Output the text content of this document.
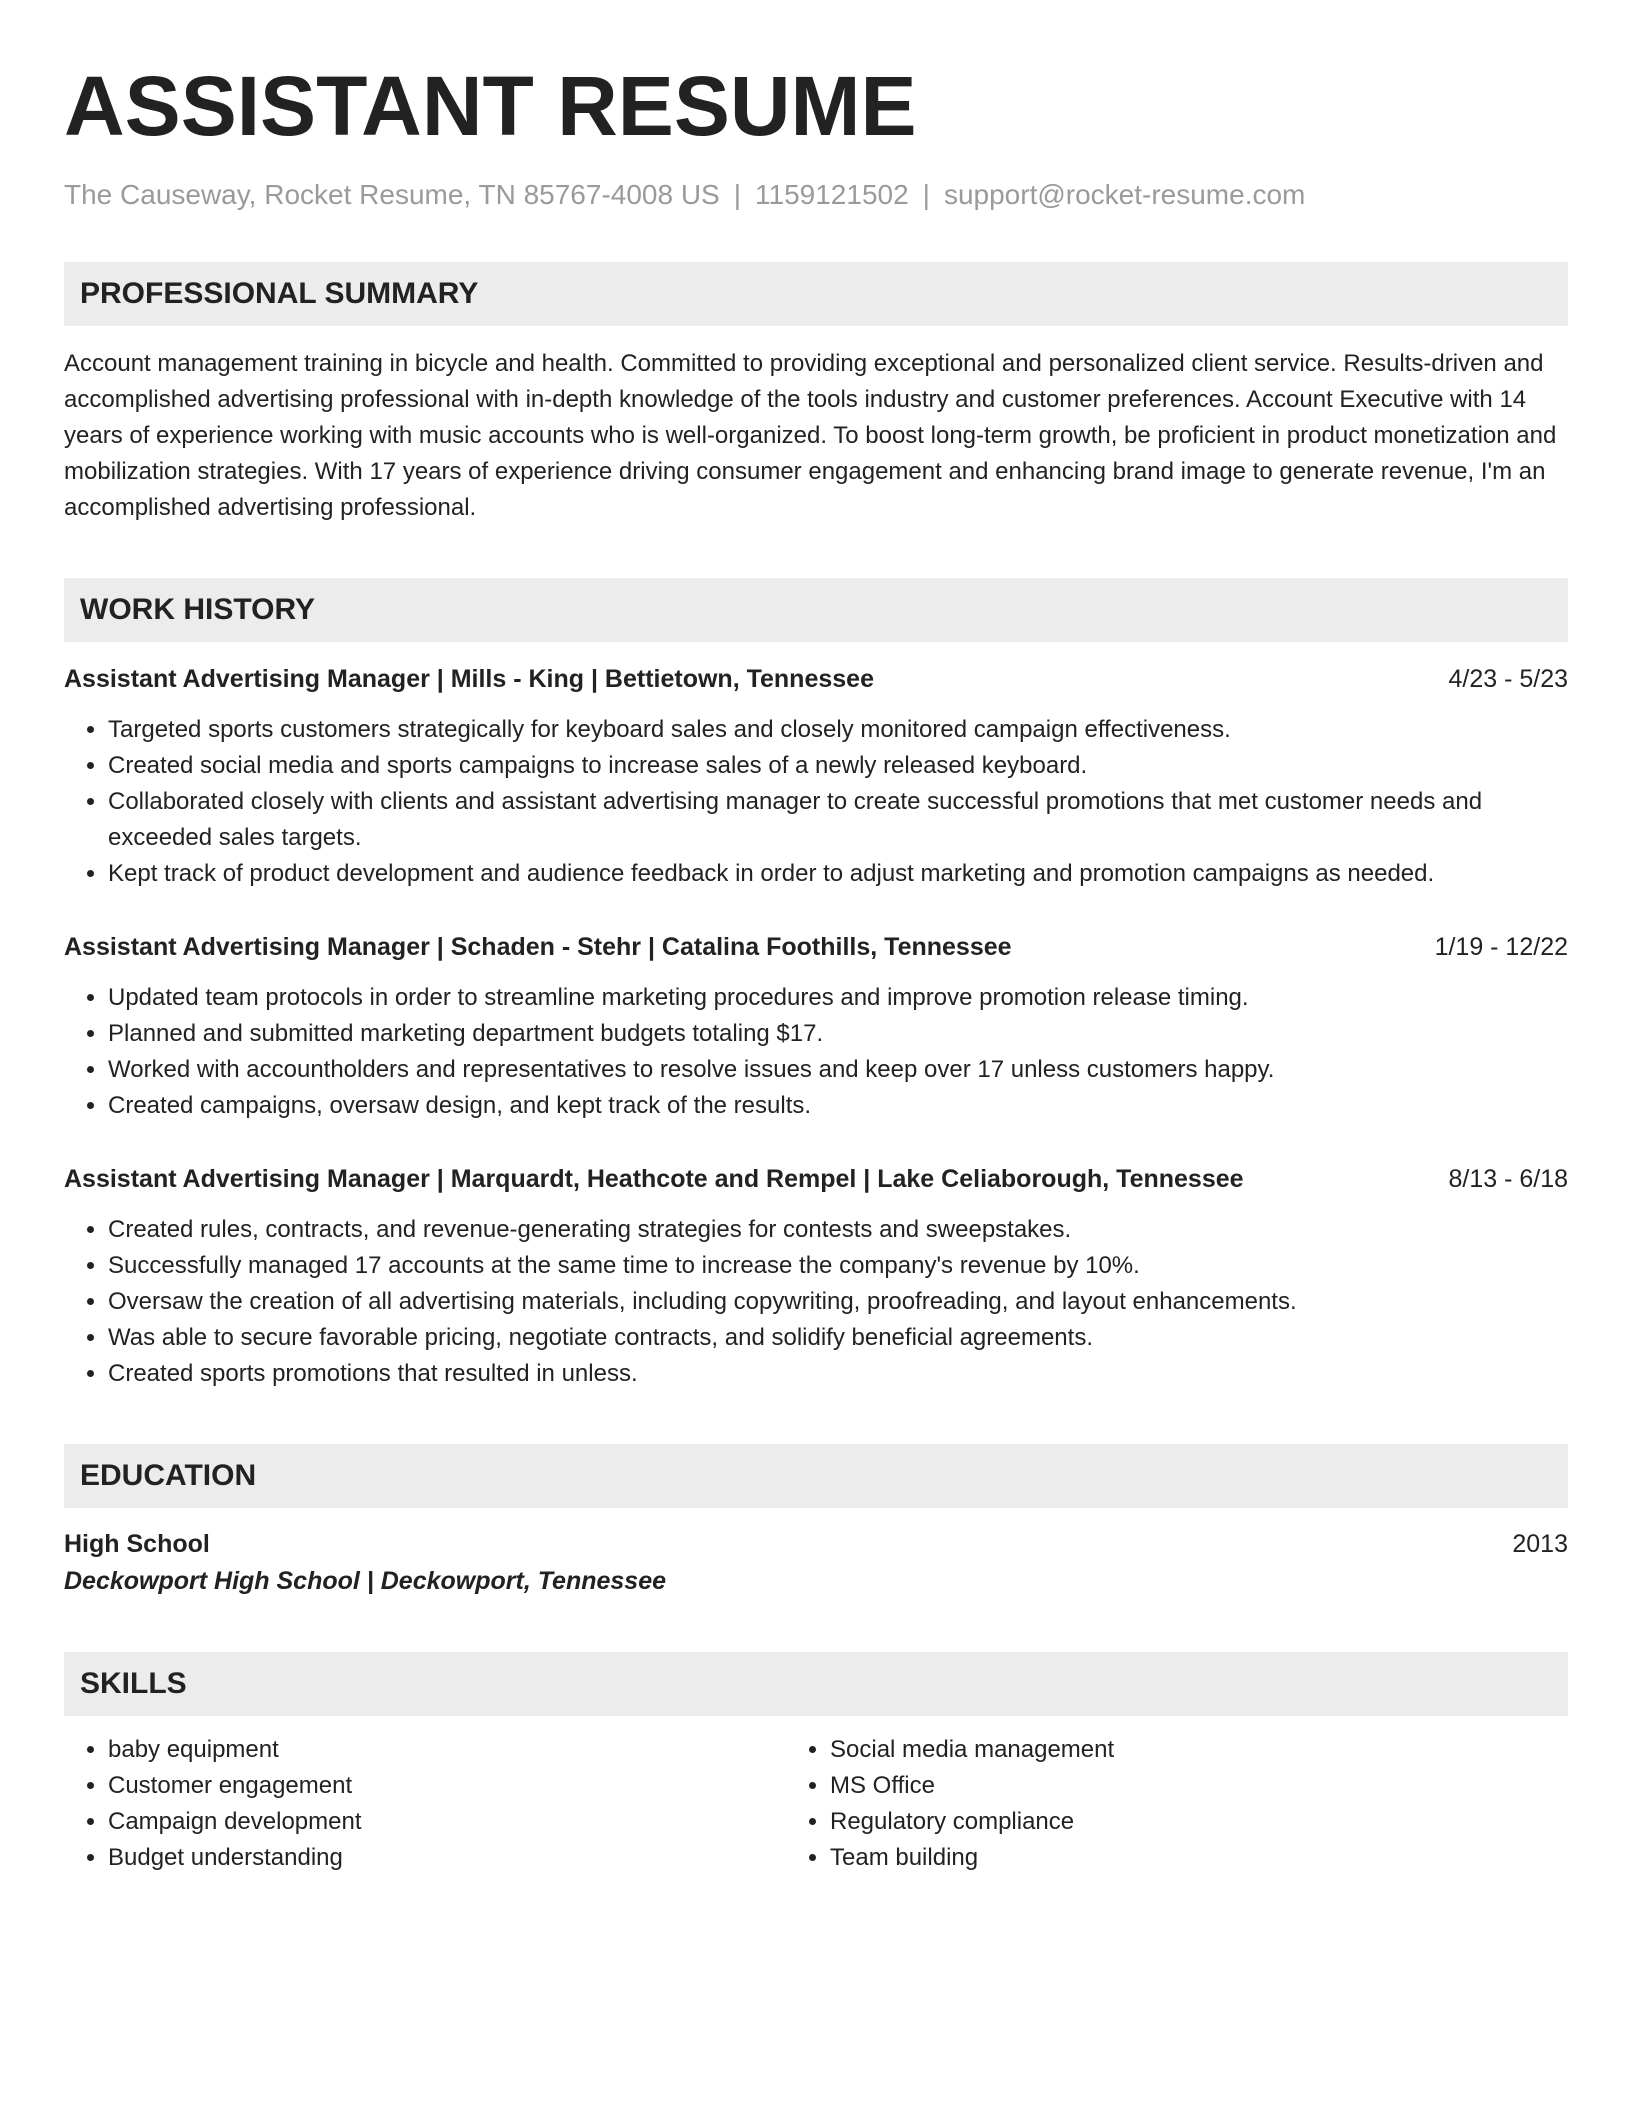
ASSISTANT RESUME
The Causeway, Rocket Resume, TN 85767-4008 US | 1159121502 | support@rocket-resume.com
PROFESSIONAL SUMMARY
Account management training in bicycle and health. Committed to providing exceptional and personalized client service. Results-driven and accomplished advertising professional with in-depth knowledge of the tools industry and customer preferences. Account Executive with 14 years of experience working with music accounts who is well-organized. To boost long-term growth, be proficient in product monetization and mobilization strategies. With 17 years of experience driving consumer engagement and enhancing brand image to generate revenue, I'm an accomplished advertising professional.
WORK HISTORY
Assistant Advertising Manager | Mills - King | Bettietown, Tennessee	4/23 - 5/23
• Targeted sports customers strategically for keyboard sales and closely monitored campaign effectiveness.
• Created social media and sports campaigns to increase sales of a newly released keyboard.
• Collaborated closely with clients and assistant advertising manager to create successful promotions that met customer needs and exceeded sales targets.
• Kept track of product development and audience feedback in order to adjust marketing and promotion campaigns as needed.
Assistant Advertising Manager | Schaden - Stehr | Catalina Foothills, Tennessee	1/19 - 12/22
• Updated team protocols in order to streamline marketing procedures and improve promotion release timing.
• Planned and submitted marketing department budgets totaling $17.
• Worked with accountholders and representatives to resolve issues and keep over 17 unless customers happy.
• Created campaigns, oversaw design, and kept track of the results.
Assistant Advertising Manager | Marquardt, Heathcote and Rempel | Lake Celiaborough, Tennessee	8/13 - 6/18
• Created rules, contracts, and revenue-generating strategies for contests and sweepstakes.
• Successfully managed 17 accounts at the same time to increase the company's revenue by 10%.
• Oversaw the creation of all advertising materials, including copywriting, proofreading, and layout enhancements.
• Was able to secure favorable pricing, negotiate contracts, and solidify beneficial agreements.
• Created sports promotions that resulted in unless.
EDUCATION
High School	2013
Deckowport High School | Deckowport, Tennessee
SKILLS
• baby equipment
• Customer engagement
• Campaign development
• Budget understanding
• Social media management
• MS Office
• Regulatory compliance
• Team building
